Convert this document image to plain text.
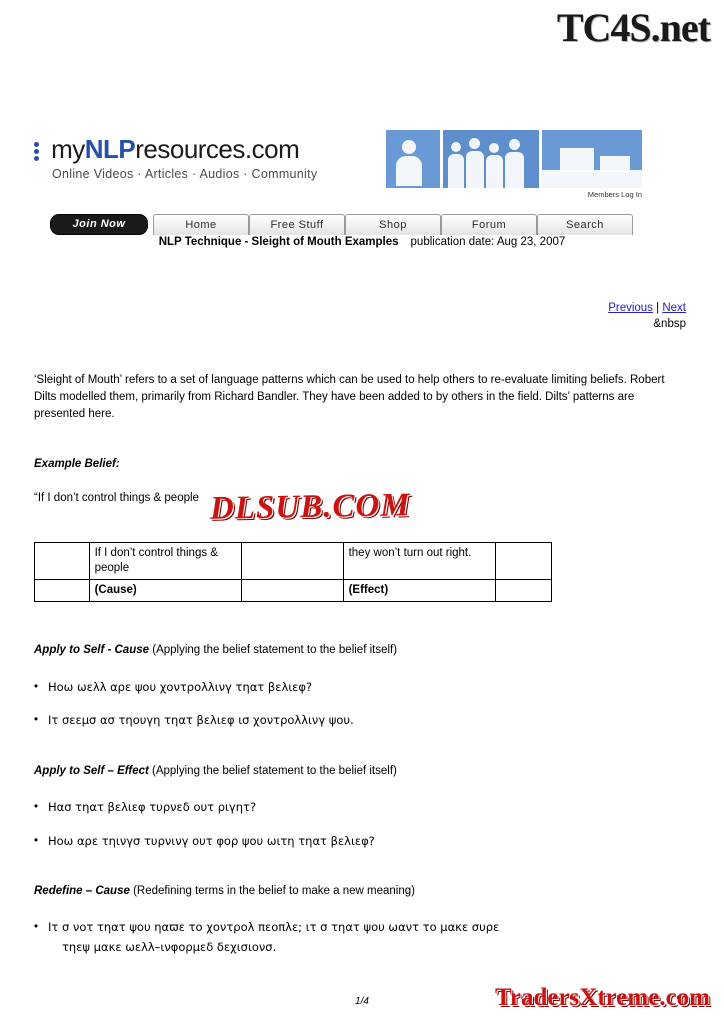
TC4S.net
myNLPresources.com
Online Videos · Articles · Audios · Community
Members Log In
Join Now	Home	Free Stuff	Shop	Forum	Search
NLP Technique - Sleight of Mouth Examples publication date: Aug 23, 2007
Previous | Next
&nbsp
‘Sleight of Mouth’ refers to a set of language patterns which can be used to help others to re-evaluate limiting beliefs. Robert Dilts modelled them, primarily from Richard Bandler. They have been added to by others in the field. Dilts’ patterns are presented here.
Example Belief:
“If I don’t control things & people DLSUB.COM
	If I don’t control things & people		they won’t turn out right.	
	(Cause)		(Effect)	
Apply to Self - Cause (Applying the belief statement to the belief itself)
• Ηοω ωελλ αρε ψου χοντρολλινγ τηατ βελιεφ?
• Ιτ σεεμσ ασ τηουγη τηατ βελιεφ ισ χοντρολλινγ ψου.
Apply to Self – Effect (Applying the belief statement to the belief itself)
• Ηασ τηατ βελιεφ τυρνεδ ουτ ριγητ?
• Ηοω αρε τηινγσ τυρνινγ ουτ φορ ψου ωιτη τηατ βελιεφ?
Redefine – Cause (Redefining terms in the belief to make a new meaning)
• Ιτ σ νοτ τηατ ψου ηαϖε το χοντρολ πεοπλε; ιτ σ τηατ ψου ωαντ το μακε συρε
τηεψ μακε ωελλ–ινφορμεδ δεχισιονσ.
1/4	TradersXtreme.com
